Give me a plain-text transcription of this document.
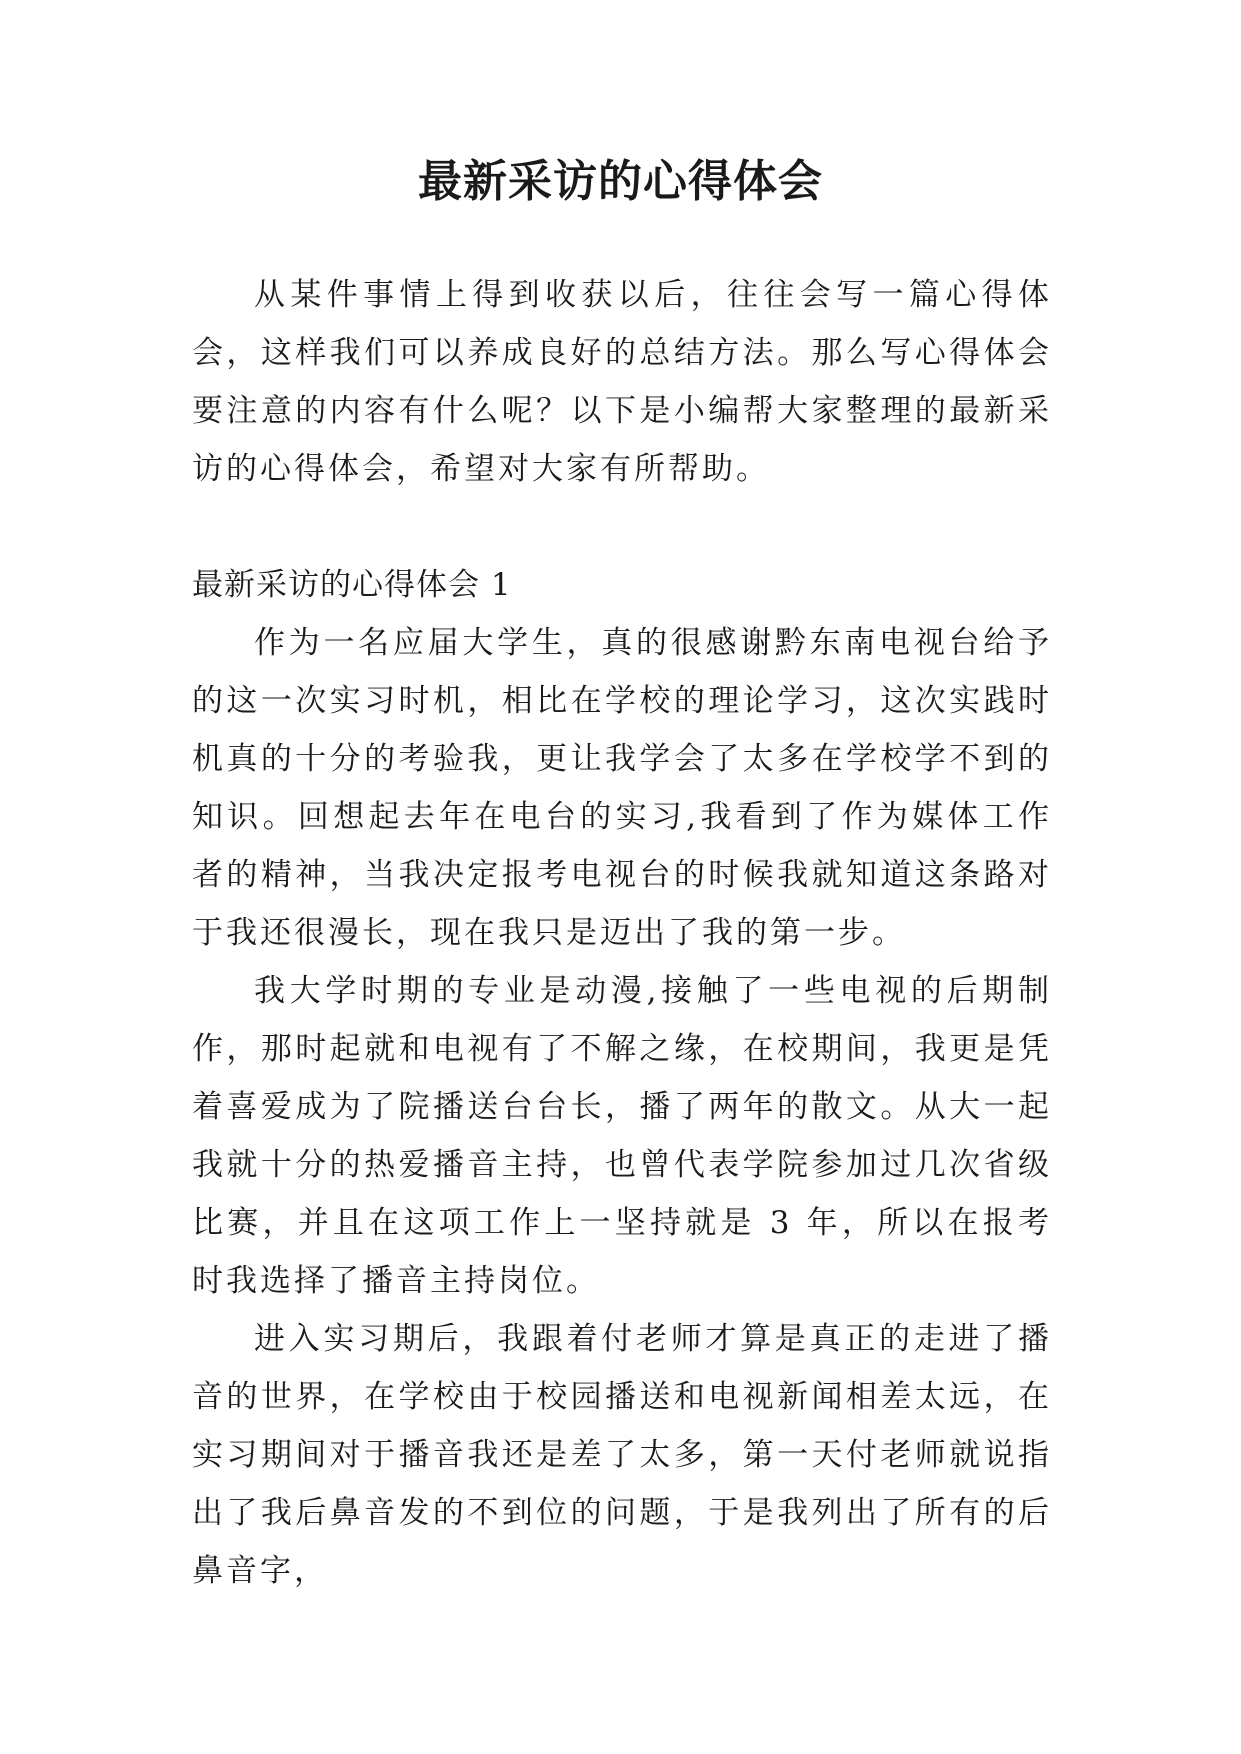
最新采访的心得体会

从某件事情上得到收获以后，往往会写一篇心得体会，这样我们可以养成良好的总结方法。那么写心得体会要注意的内容有什么呢？以下是小编帮大家整理的最新采访的心得体会，希望对大家有所帮助。

最新采访的心得体会 1

作为一名应届大学生，真的很感谢黔东南电视台给予的这一次实习时机，相比在学校的理论学习，这次实践时机真的十分的考验我，更让我学会了太多在学校学不到的知识。回想起去年在电台的实习,我看到了作为媒体工作者的精神，当我决定报考电视台的时候我就知道这条路对于我还很漫长，现在我只是迈出了我的第一步。

我大学时期的专业是动漫,接触了一些电视的后期制作，那时起就和电视有了不解之缘，在校期间，我更是凭着喜爱成为了院播送台台长，播了两年的散文。从大一起我就十分的热爱播音主持，也曾代表学院参加过几次省级比赛，并且在这项工作上一坚持就是 3 年，所以在报考时我选择了播音主持岗位。

进入实习期后，我跟着付老师才算是真正的走进了播音的世界，在学校由于校园播送和电视新闻相差太远，在实习期间对于播音我还是差了太多，第一天付老师就说指出了我后鼻音发的不到位的问题，于是我列出了所有的后鼻音字，
